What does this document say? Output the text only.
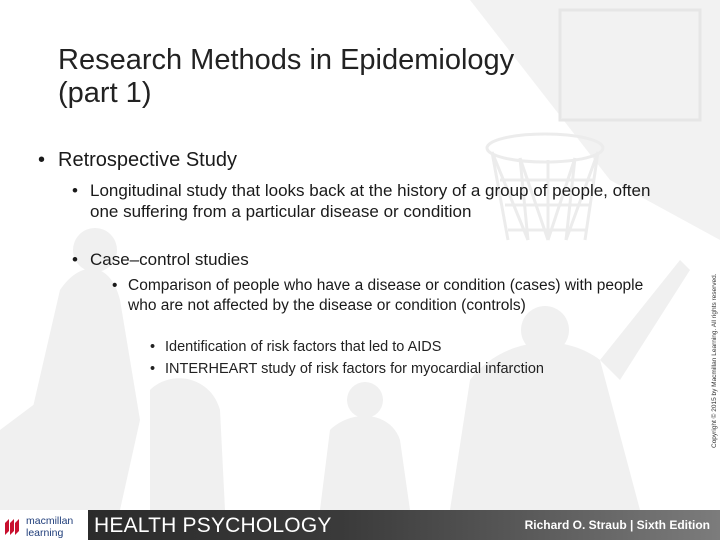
Research Methods in Epidemiology
(part 1)
• Retrospective Study
• Longitudinal study that looks back at the history of a group of people, often one suffering from a particular disease or condition
• Case–control studies
• Comparison of people who have a disease or condition (cases) with people who are not affected by the disease or condition (controls)
• Identification of risk factors that led to AIDS
• INTERHEART study of risk factors for myocardial infarction	Copyright © 2015 by Macmillan Learning. All rights reserved.
macmillan
learning	HEALTH PSYCHOLOGY	Richard O. Straub | Sixth Edition
